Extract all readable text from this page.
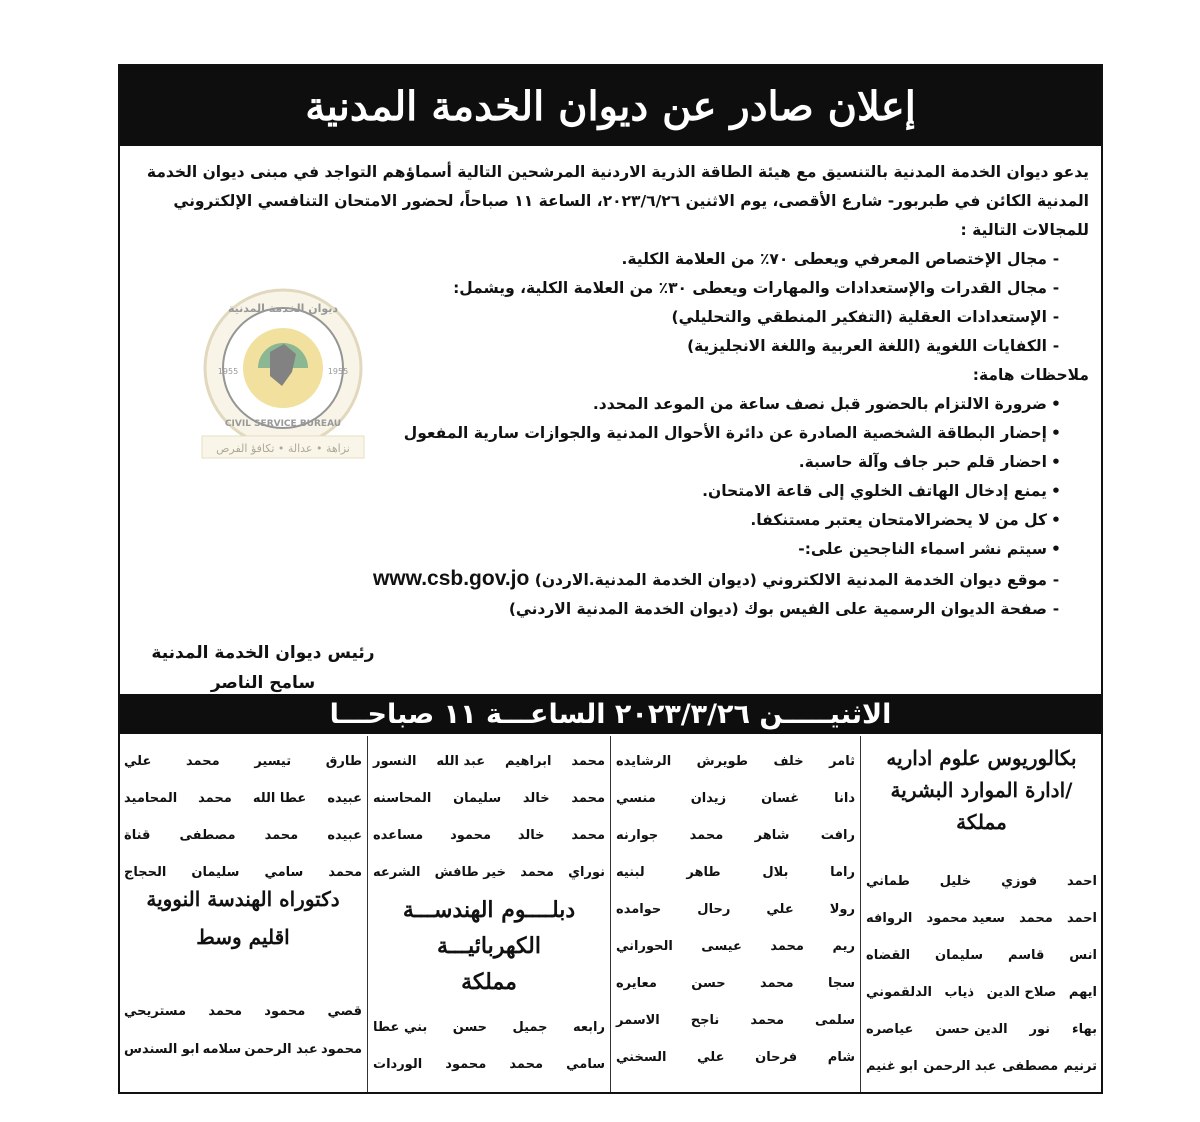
إعلان صادر عن ديوان الخدمة المدنية
ديوان الخدمة المدنية
CIVIL SERVICE BUREAU
1955	1955
نزاهة • عدالة • تكافؤ الفرص
يدعو ديوان الخدمة المدنية بالتنسيق مع هيئة الطاقة الذرية الاردنية المرشحين التالية أسماؤهم التواجد في مبنى ديوان الخدمة
المدنية الكائن في طبربور- شارع الأقصى، يوم الاثنين ٢٠٢٣/٦/٢٦، الساعة ١١ صباحاً، لحضور الامتحان التنافسي الإلكتروني
للمجالات التالية :
-مجال الإختصاص المعرفي ويعطى ٧٠٪ من العلامة الكلية.
-مجال القدرات والإستعدادات والمهارات ويعطى ٣٠٪ من العلامة الكلية، ويشمل:
-الإستعدادات العقلية (التفكير المنطقي والتحليلي)
-الكفايات اللغوية (اللغة العربية واللغة الانجليزية)
ملاحظات هامة:
•ضرورة الالتزام بالحضور قبل نصف ساعة من الموعد المحدد.
•إحضار البطاقة الشخصية الصادرة عن دائرة الأحوال المدنية والجوازات سارية المفعول
•احضار قلم حبر جاف وآلة حاسبة.
•يمنع إدخال الهاتف الخلوي إلى قاعة الامتحان.
•كل من لا يحضرالامتحان يعتبر مستنكفا.
•سيتم نشر اسماء الناجحين على:-
-موقع ديوان الخدمة المدنية الالكتروني (ديوان الخدمة المدنية.الاردن) www.csb.gov.jo
-صفحة الديوان الرسمية على الفيس بوك (ديوان الخدمة المدنية الاردني)
رئيس ديوان الخدمة المدنية
سامح الناصر
الاثنيـــــن ٢٠٢٣/٣/٢٦ الساعـــة ١١ صباحـــا
بكالوريوس علوم اداريه
/ادارة الموارد البشرية
مملكة
احمد
فوزي
خليل
طماني
احمد
محمد
سعيد محمود
الروافه
انس
قاسم
سليمان
القضاه
ايهم
صلاح الدين
ذياب
الدلقموني
بهاء
نور
الدين حسن
عياصره
ترنيم
مصطفى
عبد الرحمن
ابو غنيم
ثامر
خلف
طويرش
الرشايده
دانا
غسان
زيدان
منسي
رافت
شاهر
محمد
جوارنه
راما
بلال
طاهر
لبنيه
رولا
علي
رحال
حوامده
ريم
محمد
عيسى
الحوراني
سجا
محمد
حسن
معايره
سلمى
محمد
ناجح
الاسمر
شام
فرحان
علي
السخني
محمد
ابراهيم
عبد الله
النسور
محمد
خالد
سليمان
المحاسنه
محمد
خالد
محمود
مساعده
نوراي
محمد
خير طافش
الشرعه
دبلــــوم الهندســـة
الكهربائيـــة
مملكة
رابعه
جميل
حسن
بني عطا
سامي
محمد
محمود
الوردات
طارق
تيسير
محمد
علي
عبيده
عطا الله
محمد
المحاميد
عبيده
محمد
مصطفى
قناة
محمد
سامي
سليمان
الحجاج
دكتوراه الهندسة النووية
اقليم وسط
قصي
محمود
محمد
مستريحي
محمود
عبد الرحمن
سلامه
ابو السندس
